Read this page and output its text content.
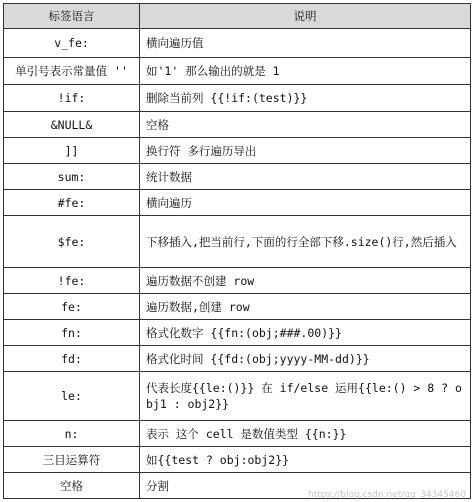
标签语言	说明
v_fe:	横向遍历值
单引号表示常量值 ''	如'1' 那么输出的就是 1
!if:	删除当前列 {{!if:(test)}}
&NULL&	空格
]]	换行符 多行遍历导出
sum:	统计数据
#fe:	横向遍历
$fe:	下移插入,把当前行,下面的行全部下移.size()行,然后插入
!fe:	遍历数据不创建 row
fe:	遍历数据,创建 row
fn:	格式化数字 {{fn:(obj;###.00)}}
fd:	格式化时间 {{fd:(obj;yyyy-MM-dd)}}
le:	代表长度{{le:()}} 在 if/else 运用{{le:() > 8 ? obj1 : obj2}}
n:	表示 这个 cell 是数值类型 {{n:}}
三目运算符	如{{test ? obj:obj2}}
空格	分割
https://blog.csdn.net/qq_34345460
